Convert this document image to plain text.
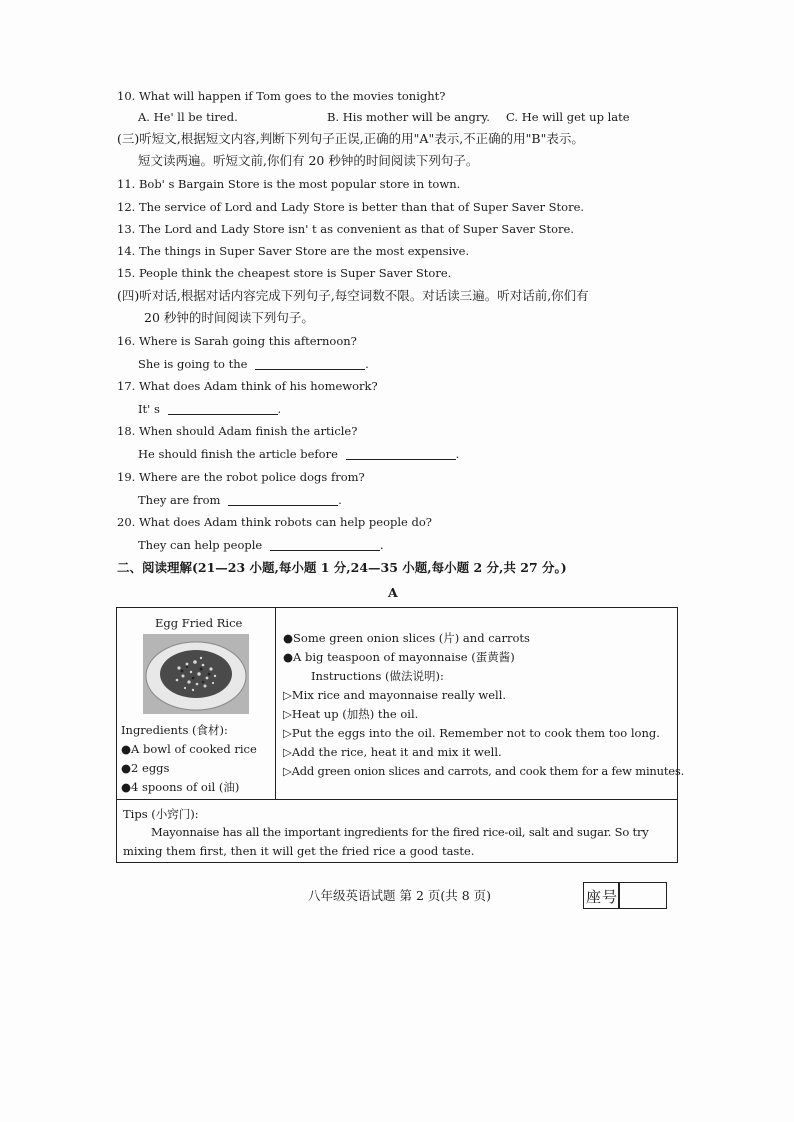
10. What will happen if Tom goes to the movies tonight?
A. He' ll be tired.	B. His mother will be angry. C. He will get up late
(三)听短文,根据短文内容,判断下列句子正误,正确的用"A"表示,不正确的用"B"表示。
短文读两遍。听短文前,你们有 20 秒钟的时间阅读下列句子。
11. Bob' s Bargain Store is the most popular store in town.
12. The service of Lord and Lady Store is better than that of Super Saver Store.
13. The Lord and Lady Store isn' t as convenient as that of Super Saver Store.
14. The things in Super Saver Store are the most expensive.
15. People think the cheapest store is Super Saver Store.
(四)听对话,根据对话内容完成下列句子,每空词数不限。对话读三遍。听对话前,你们有
20 秒钟的时间阅读下列句子。
16. Where is Sarah going this afternoon?
She is going to the	.
17. What does Adam think of his homework?
It' s	.
18. When should Adam finish the article?
He should finish the article before	.
19. Where are the robot police dogs from?
They are from	.
20. What does Adam think robots can help people do?
They can help people	.
二、阅读理解(21—23 小题,每小题 1 分,24—35 小题,每小题 2 分,共 27 分。)
A
Egg Fried Rice
Ingredients (食材):
●A bowl of cooked rice
●2 eggs
●4 spoons of oil (油)
●Some green onion slices (片) and carrots
●A big teaspoon of mayonnaise (蛋黄酱)
Instructions (做法说明):
▷Mix rice and mayonnaise really well.
▷Heat up (加热) the oil.
▷Put the eggs into the oil. Remember not to cook them too long.
▷Add the rice, heat it and mix it well.
▷Add green onion slices and carrots, and cook them for a few minutes.
Tips (小窍门):
Mayonnaise has all the important ingredients for the fired rice-oil, salt and sugar. So try
mixing them first, then it will get the fried rice a good taste.
八年级英语试题 第 2 页(共 8 页)	座号
